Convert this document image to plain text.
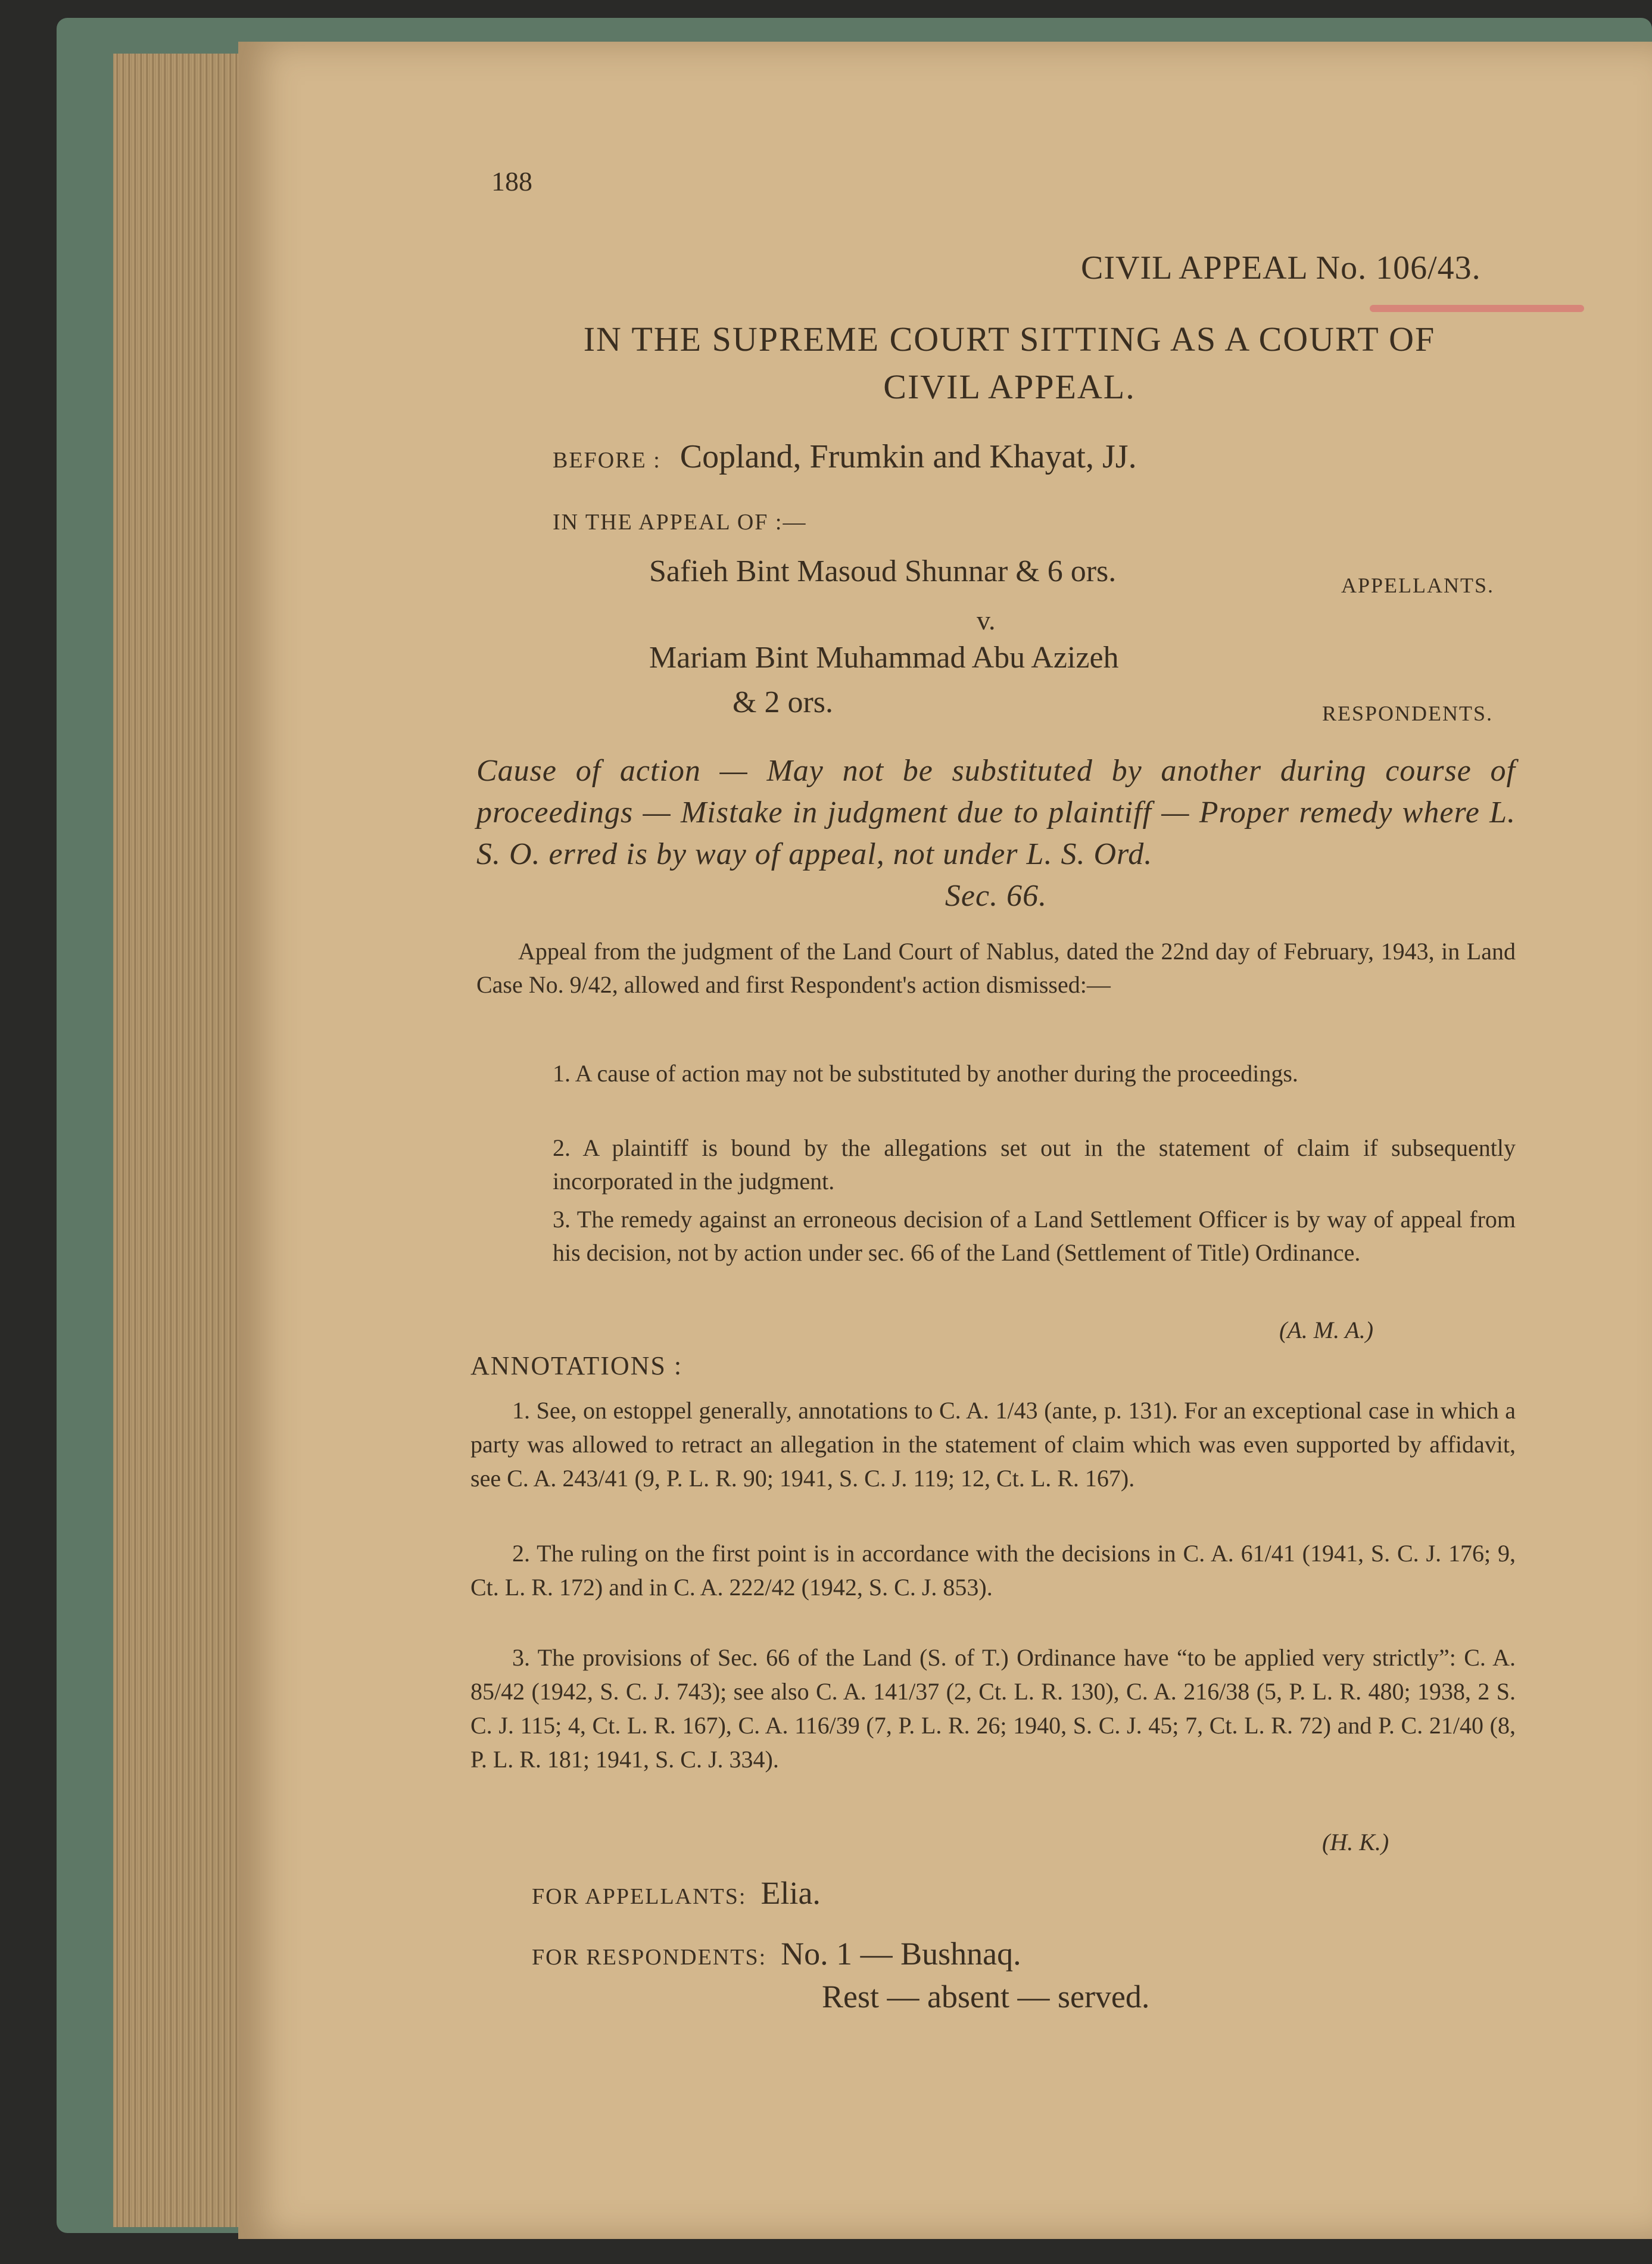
188
CIVIL APPEAL No. 106/43.
IN THE SUPREME COURT SITTING AS A COURT OF CIVIL APPEAL.
BEFORE : Copland, Frumkin and Khayat, JJ.
IN THE APPEAL OF :—
Safieh Bint Masoud Shunnar & 6 ors.	APPELLANTS.
v.
Mariam Bint Muhammad Abu Azizeh
& 2 ors.	RESPONDENTS.
Cause of action — May not be substituted by another during course of proceedings — Mistake in judgment due to plaintiff — Proper remedy where L. S. O. erred is by way of appeal, not under L. S. Ord.
Sec. 66.
Appeal from the judgment of the Land Court of Nablus, dated the 22nd day of February, 1943, in Land Case No. 9/42, allowed and first Respondent's action dismissed:—
1. A cause of action may not be substituted by another during the proceedings.
2. A plaintiff is bound by the allegations set out in the statement of claim if subsequently incorporated in the judgment.
3. The remedy against an erroneous decision of a Land Settlement Officer is by way of appeal from his decision, not by action under sec. 66 of the Land (Settlement of Title) Ordinance.
(A. M. A.)
ANNOTATIONS :
1. See, on estoppel generally, annotations to C. A. 1/43 (ante, p. 131). For an exceptional case in which a party was allowed to retract an allegation in the statement of claim which was even supported by affidavit, see C. A. 243/41 (9, P. L. R. 90; 1941, S. C. J. 119; 12, Ct. L. R. 167).
2. The ruling on the first point is in accordance with the decisions in C. A. 61/41 (1941, S. C. J. 176; 9, Ct. L. R. 172) and in C. A. 222/42 (1942, S. C. J. 853).
3. The provisions of Sec. 66 of the Land (S. of T.) Ordinance have “to be applied very strictly”: C. A. 85/42 (1942, S. C. J. 743); see also C. A. 141/37 (2, Ct. L. R. 130), C. A. 216/38 (5, P. L. R. 480; 1938, 2 S. C. J. 115; 4, Ct. L. R. 167), C. A. 116/39 (7, P. L. R. 26; 1940, S. C. J. 45; 7, Ct. L. R. 72) and P. C. 21/40 (8, P. L. R. 181; 1941, S. C. J. 334).
(H. K.)
FOR APPELLANTS: Elia.
FOR RESPONDENTS: No. 1 — Bushnaq.
Rest — absent — served.
